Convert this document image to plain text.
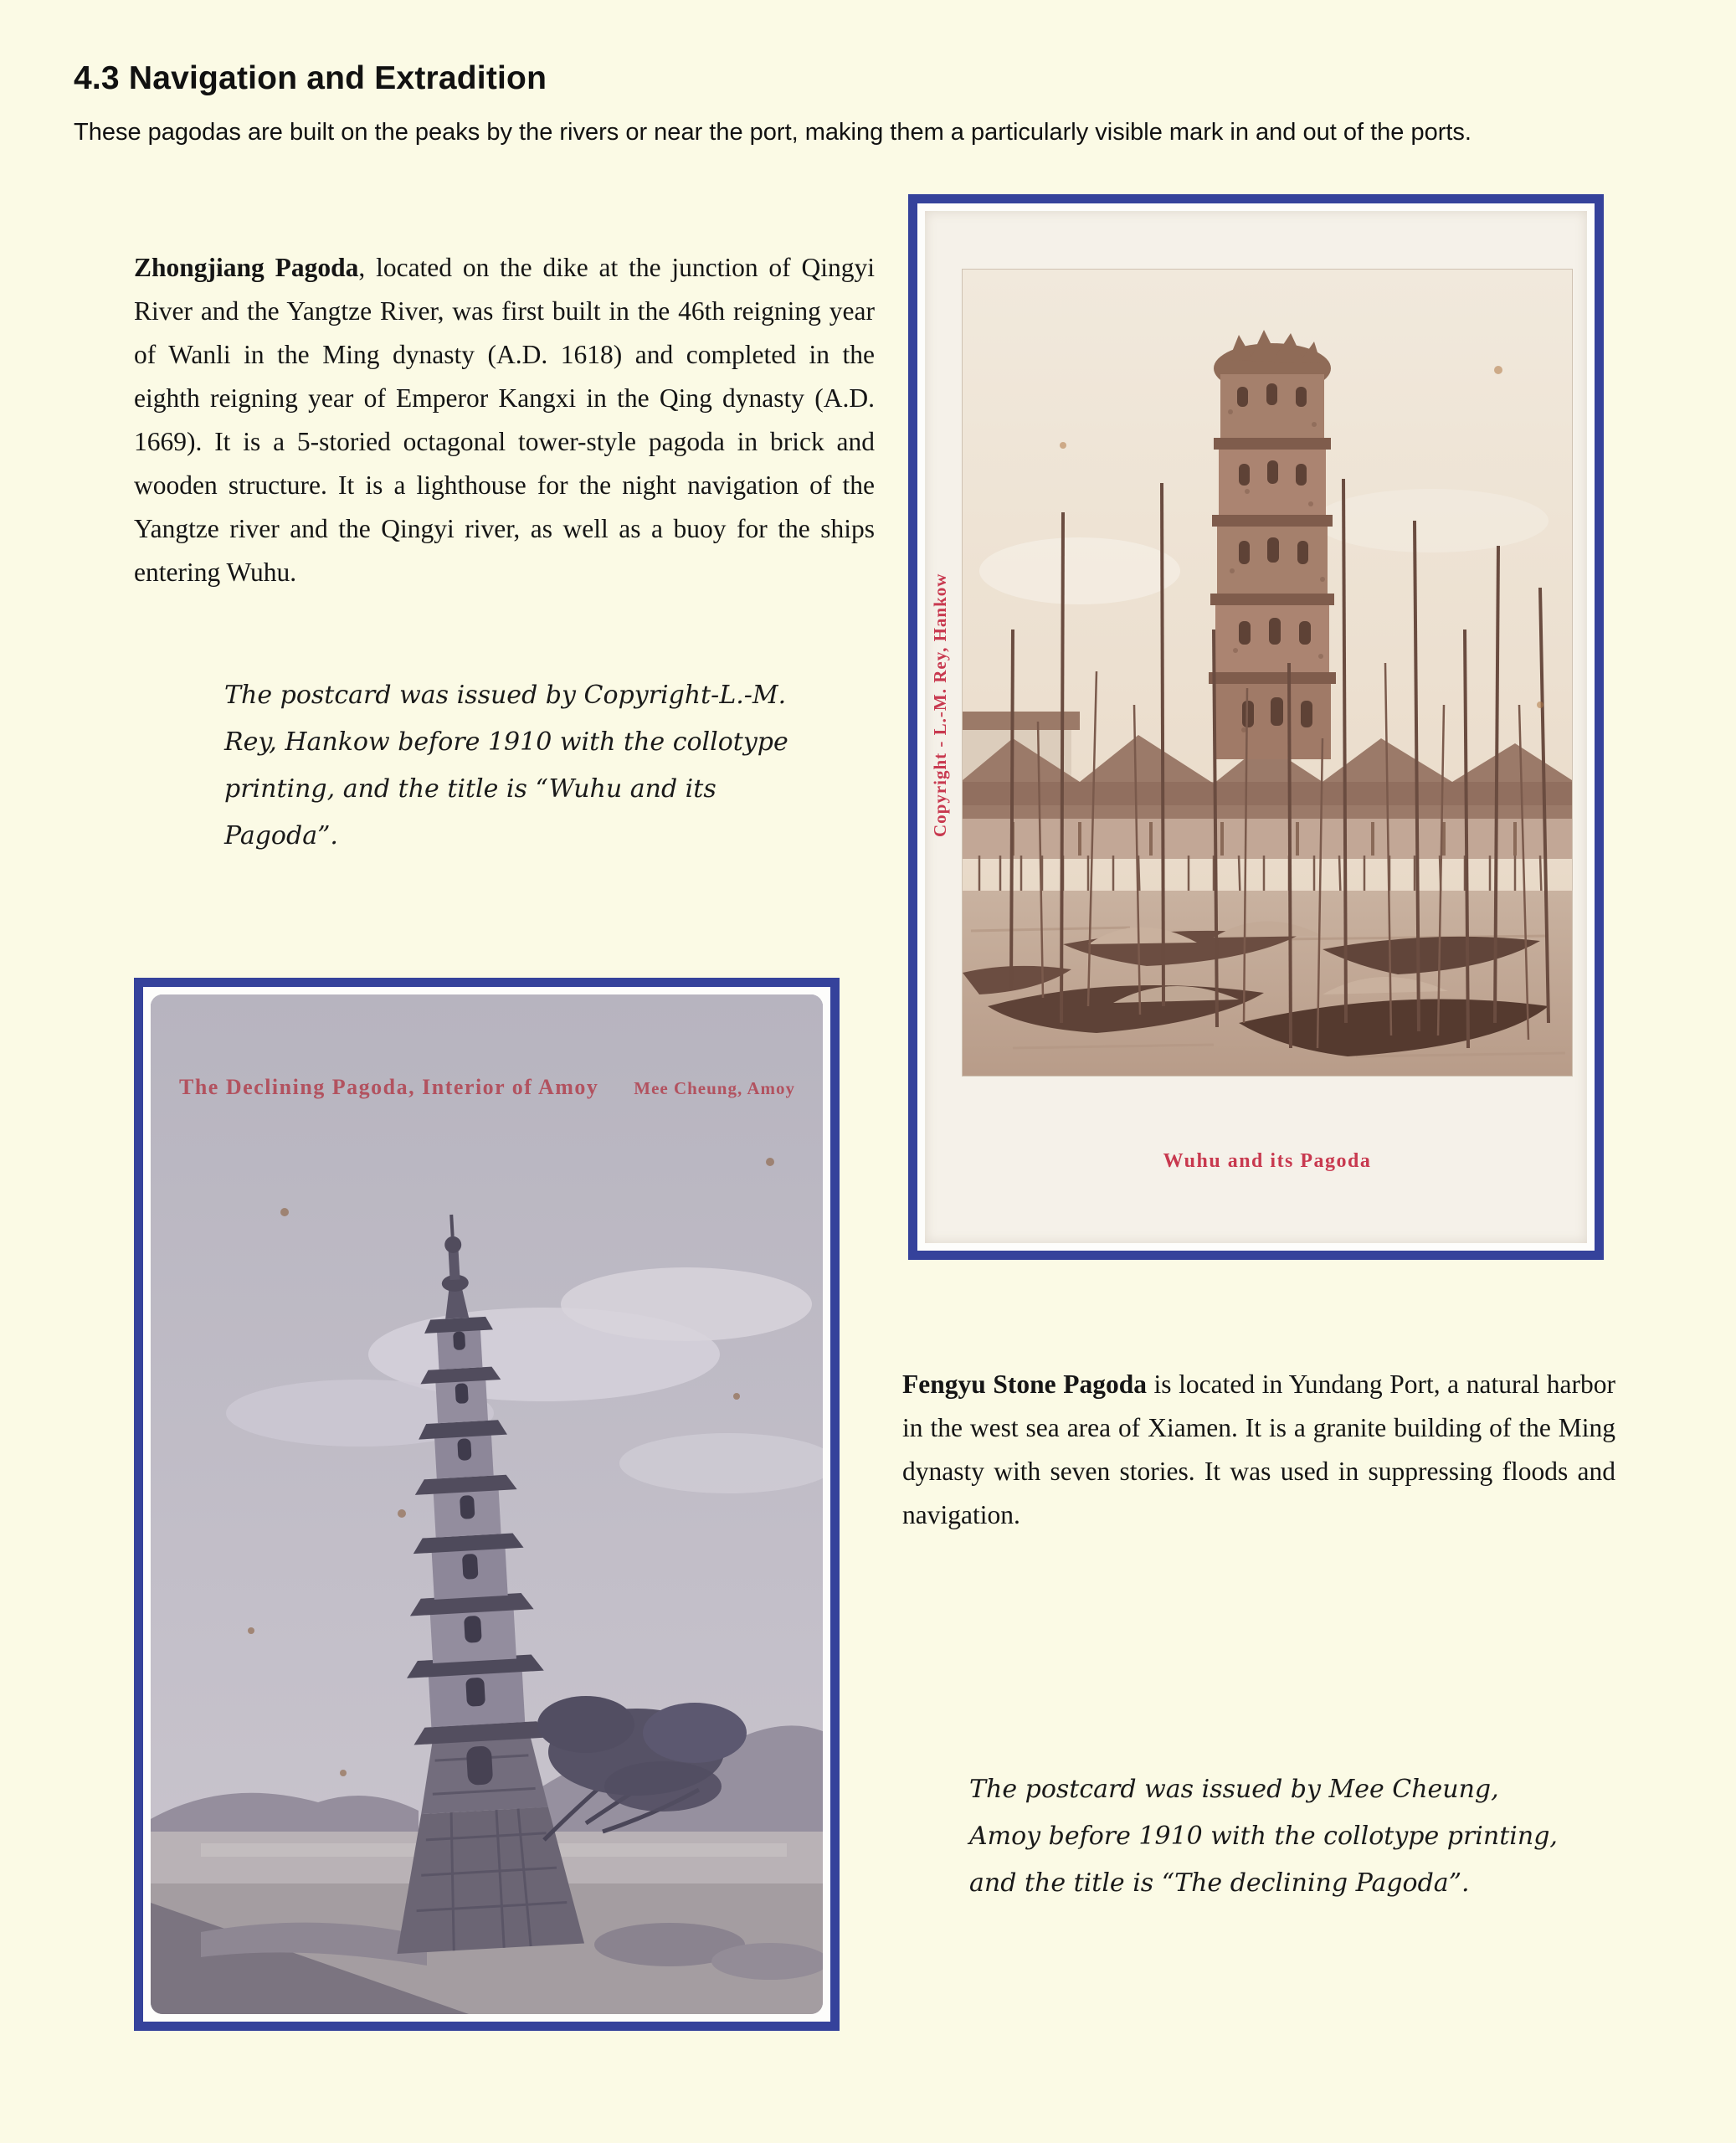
4.3 Navigation and Extradition
These pagodas are built on the peaks by the rivers or near the port, making them a particularly visible mark in and out of the ports.

Zhongjiang Pagoda, located on the dike at the junction of Qingyi River and the Yangtze River, was first built in the 46th reigning year of Wanli in the Ming dynasty (A.D. 1618) and completed in the eighth reigning year of Emperor Kangxi in the Qing dynasty (A.D. 1669). It is a 5-storied octagonal tower-style pagoda in brick and wooden structure. It is a lighthouse for the night navigation of the Yangtze river and the Qingyi river, as well as a buoy for the ships entering Wuhu.

The postcard was issued by Copyright-L.-M. Rey, Hankow before 1910 with the collotype printing, and the title is “Wuhu and its Pagoda”.	Copyright - L.-M. Rey, Hankow
Wuhu and its Pagoda

Fengyu Stone Pagoda is located in Yundang Port, a natural harbor in the west sea area of Xiamen. It is a granite building of the Ming dynasty with seven stories. It was used in suppressing floods and navigation.

The postcard was issued by Mee Cheung, Amoy before 1910 with the collotype printing, and the title is “The declining Pagoda”.
The Declining Pagoda, Interior of Amoy Mee Cheung, Amoy
